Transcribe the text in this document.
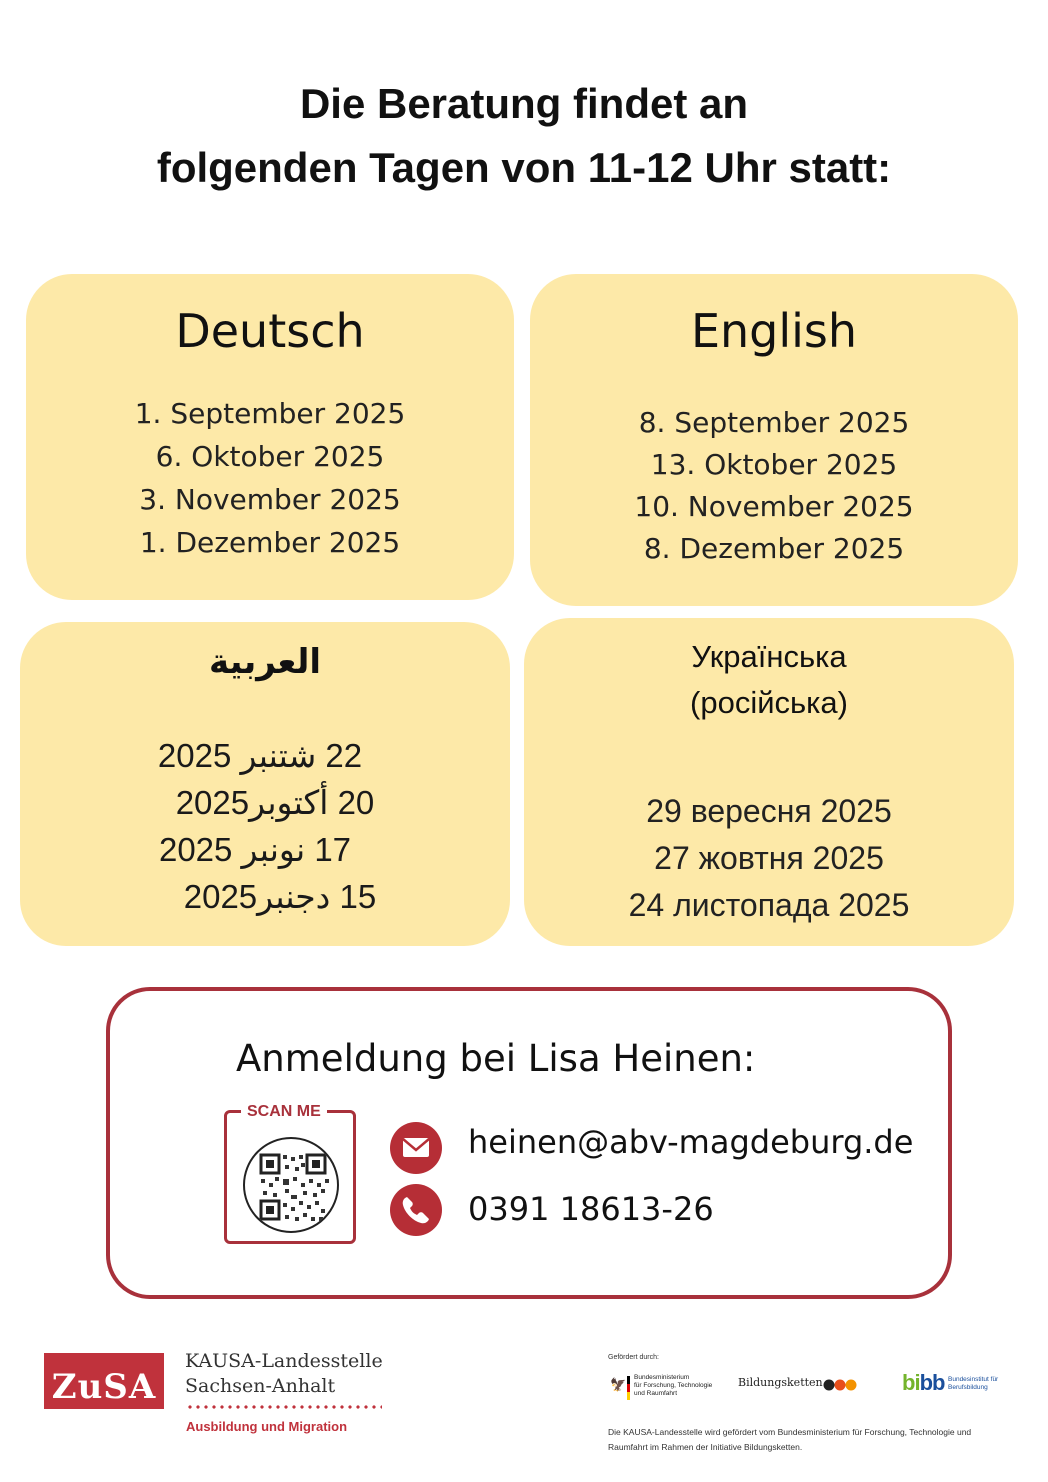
Die Beratung findet an
folgenden Tagen von 11-12 Uhr statt:
Deutsch
1. September 2025
6. Oktober 2025
3. November 2025
1. Dezember 2025
English
8. September 2025
13. Oktober 2025
10. November 2025
8. Dezember 2025
العربية
22 شتنبر 2025
20 أكتوبر2025
17 نونبر 2025
15 دجنبر2025
Українська
(російська)
29 вересня 2025
27 жовтня 2025
24 листопада 2025
Anmeldung bei Lisa Heinen:
SCAN ME
heinen@abv-magdeburg.de
0391 18613-26
ZuSA
KAUSA-Landesstelle
Sachsen-Anhalt
Ausbildung und Migration
Gefördert durch:
🦅
Bundesministerium
für Forschung, Technologie
und Raumfahrt
Bildungsketten	bibb Bundesinstitut für
Berufsbildung
Die KAUSA-Landesstelle wird gefördert vom Bundesministerium für Forschung, Technologie und Raumfahrt im Rahmen der Initiative Bildungsketten.
